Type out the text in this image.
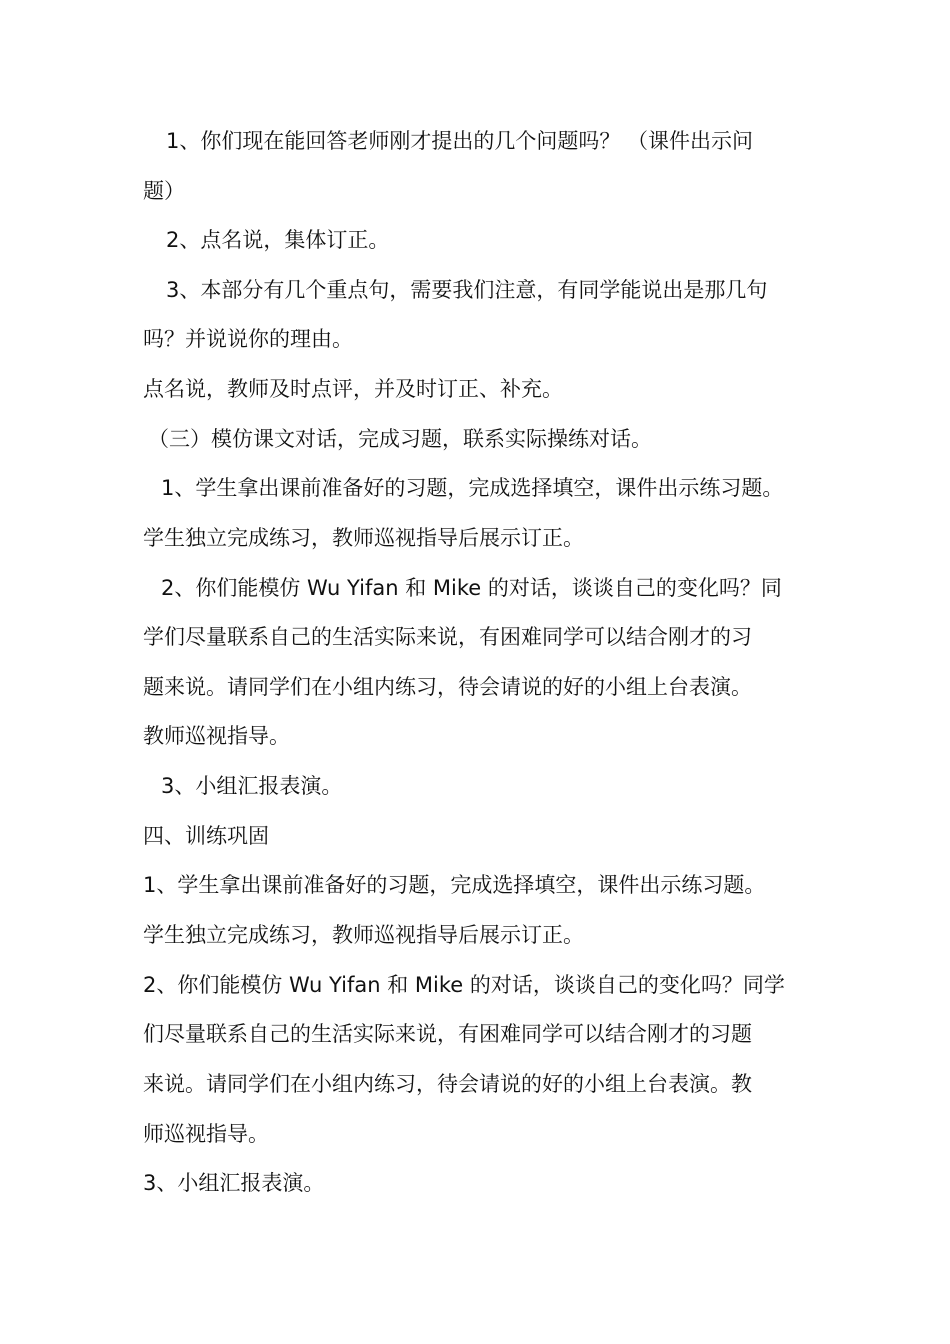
1、你们现在能回答老师刚才提出的几个问题吗？ （课件出示问
题）
2、点名说，集体订正。
3、本部分有几个重点句，需要我们注意，有同学能说出是那几句
吗？并说说你的理由。
点名说，教师及时点评，并及时订正、补充。
（三）模仿课文对话，完成习题，联系实际操练对话。
1、学生拿出课前准备好的习题，完成选择填空，课件出示练习题。
学生独立完成练习，教师巡视指导后展示订正。
2、你们能模仿 Wu Yifan 和 Mike 的对话，谈谈自己的变化吗？同
学们尽量联系自己的生活实际来说，有困难同学可以结合刚才的习
题来说。请同学们在小组内练习，待会请说的好的小组上台表演。
教师巡视指导。
3、小组汇报表演。
四、训练巩固
1、学生拿出课前准备好的习题，完成选择填空，课件出示练习题。
学生独立完成练习，教师巡视指导后展示订正。
2、你们能模仿 Wu Yifan 和 Mike 的对话，谈谈自己的变化吗？同学
们尽量联系自己的生活实际来说，有困难同学可以结合刚才的习题
来说。请同学们在小组内练习，待会请说的好的小组上台表演。教
师巡视指导。
3、小组汇报表演。
